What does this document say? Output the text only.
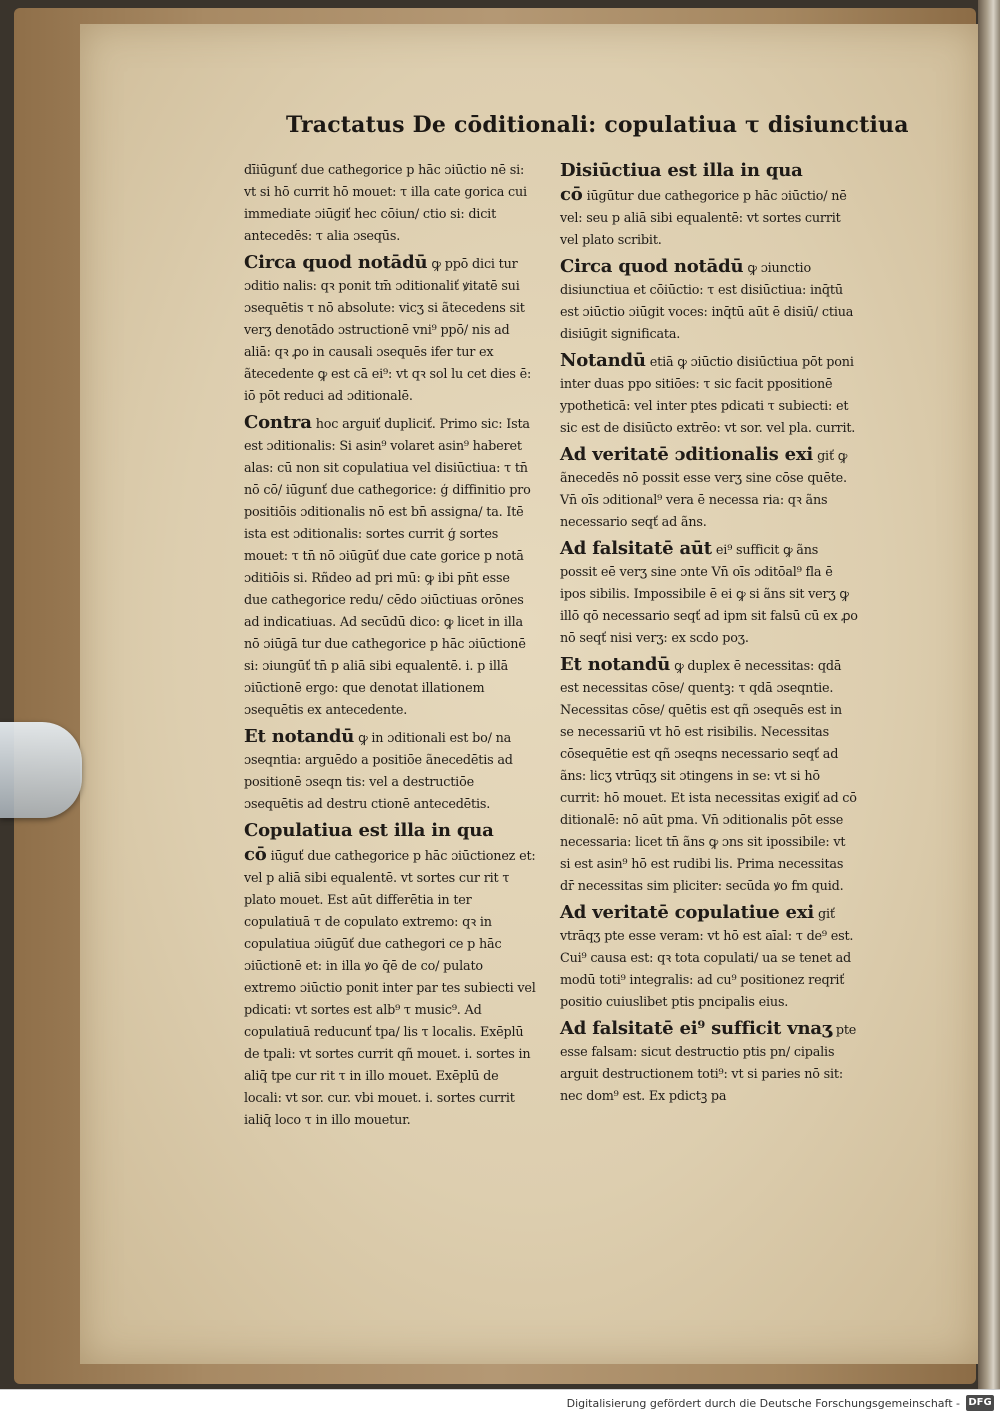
Tractatus De cōditionali: copulatiua τ disiunctiua

dīiūgunť due cathegorice p hāc ɔiūctio nē si: vt si hō currit hō mouet: τ illa cate gorica cui immediate ɔiūgiť hec cōiun/ ctio si: dicit antecedēs: τ alia ɔseqūs.

Circa quod notādū ꝙ ppō dici tur ɔditio nalis: qꝛ ponit tm̄ ɔditionaliť ꝟitatē sui ɔsequētis τ nō absolute: vicʒ si ãtecedens sit verʒ denotādo ɔstructionē vni⁹ ppō/ nis ad aliā: qꝛ ꝓo in causali ɔsequēs ifer tur ex ãtecedente ꝙ est cā ei⁹: vt qꝛ sol lu cet dies ē: iō pōt reduci ad ɔditionalē.

Contra hoc arguiť dupliciť. Primo sic: Ista est ɔditionalis: Si asin⁹ volaret asin⁹ haberet alas: cū non sit copulatiua vel disiūctiua: τ tn̄ nō cō/ iūgunť due cathegorice: ģ diffinitio pro positiōis ɔditionalis nō est bn̄ assigna/ ta. Itē ista est ɔditionalis: sortes currit ģ sortes mouet: τ tn̄ nō ɔiūgūť due cate gorice p notā ɔditiōis si. Rñdeo ad pri mū: ꝙ ibi pn̄t esse due cathegorice redu/ cēdo ɔiūctiuas orōnes ad indicatiuas. Ad secūdū dico: ꝙ licet in illa nō ɔiūgā tur due cathegorice p hāc ɔiūctionē si: ɔiungūť tn̄ p aliā sibi equalentē. i. p illā ɔiūctionē ergo: que denotat illationem ɔsequētis ex antecedente.

Et notandū ꝙ in ɔditionali est bo/ na ɔseqntia: arguēdo a positiōe ãnecedētis ad positionē ɔseqn tis: vel a destructiōe ɔsequētis ad destru ctionē antecedētis.

Copulatiua est illa in qua cō iūguť due cathegorice p hāc ɔiūctionez et: vel p aliā sibi equalentē. vt sortes cur rit τ plato mouet. Est aūt differētia in ter copulatiuā τ de copulato extremo: qꝛ in copulatiua ɔiūgūť due cathegori ce p hāc ɔiūctionē et: in illa ꝟo q̄ē de co/ pulato extremo ɔiūctio ponit inter par tes subiecti vel pdicati: vt sortes est alb⁹ τ music⁹. Ad copulatiuā reducunť tpa/ lis τ localis. Exēplū de tpali: vt sortes currit qñ mouet. i. sortes in aliq̄ tpe cur rit τ in illo mouet. Exēplū de locali: vt sor. cur. vbi mouet. i. sortes currit ialiq̄ loco τ in illo mouetur.

Disiūctiua est illa in qua cō iūgūtur due cathegorice p hāc ɔiūctio/ nē vel: seu p aliā sibi equalentē: vt sortes currit vel plato scribit.

Circa quod notādū ꝙ ɔiunctio disiunctiua et cōiūctio: τ est disiūctiua: inq̄tū est ɔiūctio ɔiūgit voces: inq̄tū aūt ē disiū/ ctiua disiūgit significata.

Notandū etiā ꝙ ɔiūctio disiūctiua pōt poni inter duas ppo sitiōes: τ sic facit ppositionē ypotheticā: vel inter ptes pdicati τ subiecti: et sic est de disiūcto extrēo: vt sor. vel pla. currit.

Ad veritatē ɔditionalis exi giť ꝙ ãnecedēs nō possit esse verʒ sine cōse quēte. Vn̄ oīs ɔditional⁹ vera ē necessa ria: qꝛ ãns necessario seqť ad ãns.

Ad falsitatē aūt ei⁹ sufficit ꝙ ãns possit eē verʒ sine ɔnte Vn̄ oīs ɔditōal⁹ fla ē ipos sibilis. Impossibile ē ei ꝙ si ãns sit verʒ ꝙ illō qō necessario seqť ad ipm sit falsū cū ex ꝓo nō seqť nisi verʒ: ex scdo poʒ.

Et notandū ꝙ duplex ē necessitas: qdā est necessitas cōse/ quentꝫ: τ qdā ɔseqntie. Necessitas cōse/ quētis est qñ ɔsequēs est in se necessariū vt hō est risibilis. Necessitas cōsequētie est qñ ɔseqns necessario seqť ad ãns: licʒ vtrūqʒ sit ɔtingens in se: vt si hō currit: hō mouet. Et ista necessitas exigiť ad cō ditionalē: nō aūt pma. Vn̄ ɔditionalis pōt esse necessaria: licet tn̄ ãns ꝙ ɔns sit ipossibile: vt si est asin⁹ hō est rudibi lis. Prima necessitas dr̄ necessitas sim pliciter: secūda ꝟo fm quid.

Ad veritatē copulatiue exi giť vtrāqʒ pte esse veram: vt hō est aīal: τ de⁹ est. Cui⁹ causa est: qꝛ tota copulati/ ua se tenet ad modū toti⁹ integralis: ad cu⁹ positionez reqriť positio cuiuslibet ptis pncipalis eius.

Ad falsitatē ei⁹ sufficit vnaʒ pte esse falsam: sicut destructio ptis pn/ cipalis arguit destructionem toti⁹: vt si paries nō sit: nec dom⁹ est. Ex pdictꝫ pa

Digitalisierung gefördert durch die Deutsche Forschungsgemeinschaft - DFG
